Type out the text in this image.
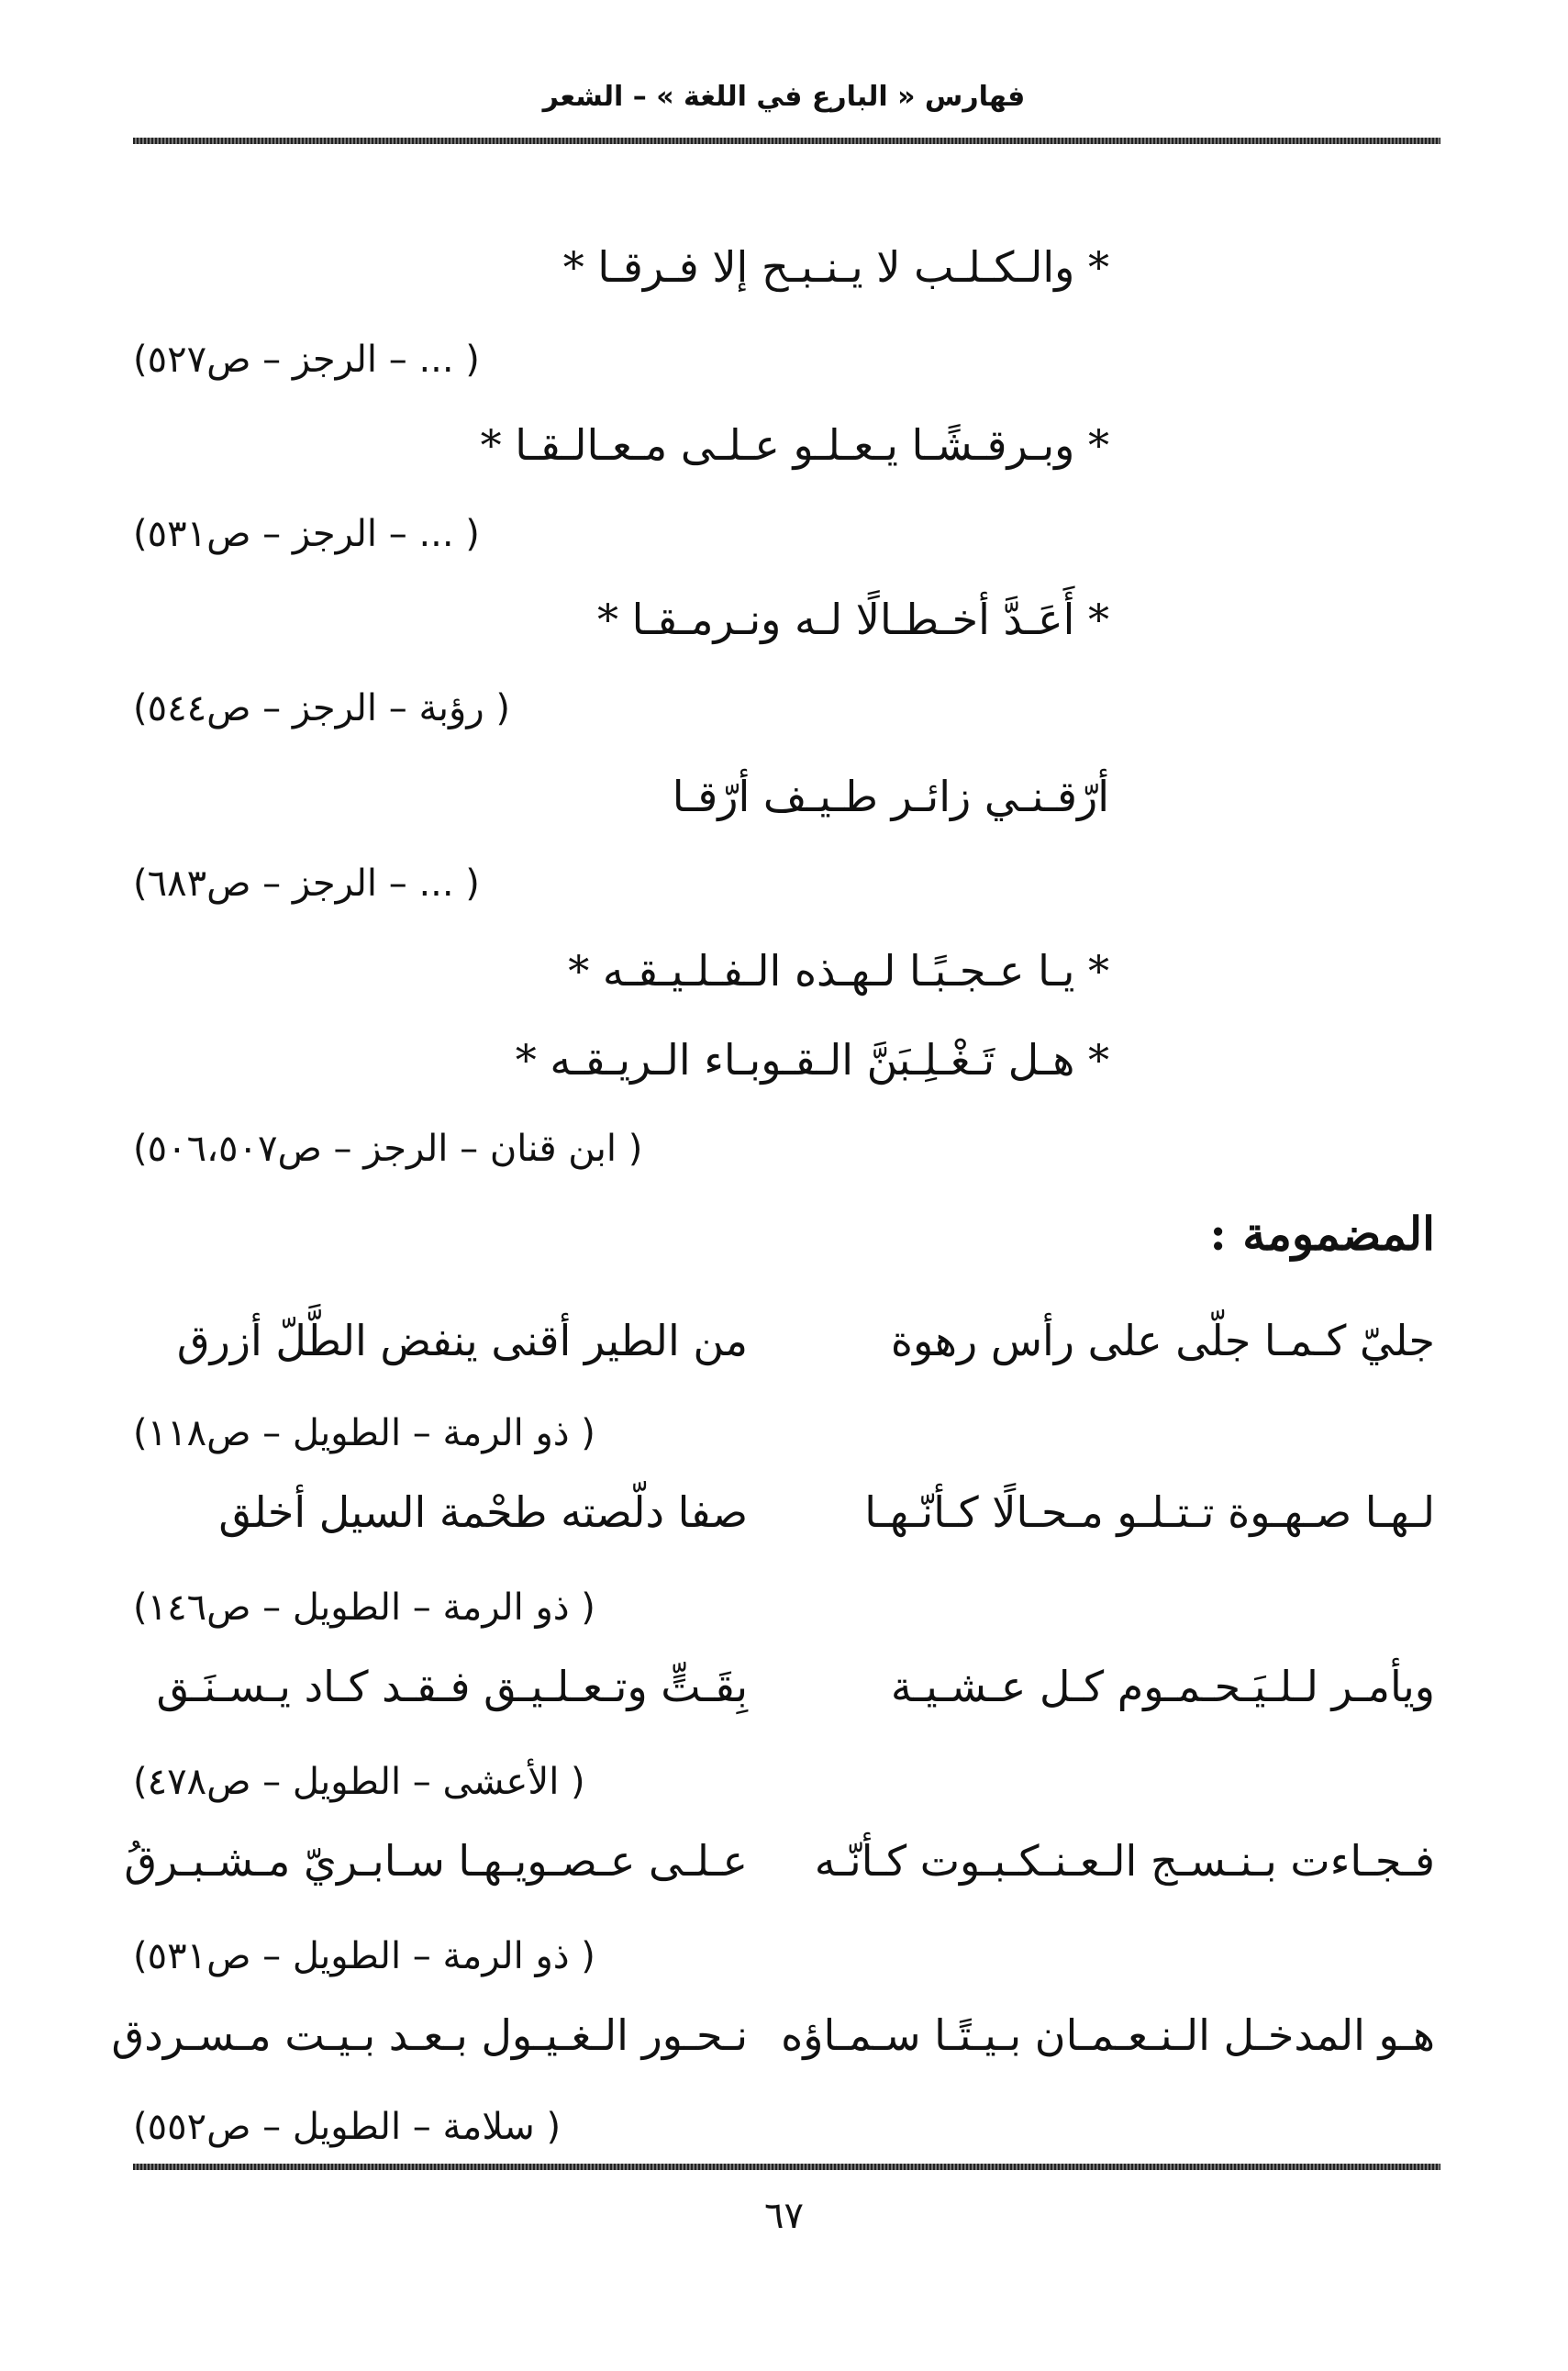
فهارس « البارع في اللغة » – الشعر
* والـكـلـب لا يـنـبـح إلا فـرقـا *
( ... – الرجز – ص٥٢٧)
* وبـرقـشًـا يـعـلـو عـلـى مـعـالـقـا *
( ... – الرجز – ص٥٣١)
* أَعَـدَّ أخـطـالًا لـه ونـرمـقـا *
( رؤبة – الرجز – ص٥٤٤)
أرّقـنـي زائـر طـيـف أرّقـا
( ... – الرجز – ص٦٨٣)
* يـا عـجـبًـا لـهـذه الـفـلـيـقـه *
* هـل تَـغْـلِـبَنَّ الـقـوبـاء الـريـقـه *
( ابن قنان – الرجز – ص٥٠٦،٥٠٧)
المضمومة :
جليّ كـمـا جلّى على رأس رهوة
من الطير أقنى ينفض الطَّلّ أزرق
( ذو الرمة – الطويل – ص١١٨)
لـهـا صـهـوة تـتـلـو مـحـالًا كـأنّـهـا
صفا دلّصته طحْمة السيل أخلق
( ذو الرمة – الطويل – ص١٤٦)
ويأمـر لـلـيَـحـمـوم كـل عـشـيـة
بِقَـتٍّ وتـعـلـيـق فـقـد كـاد يـسـنَـق
( الأعشى – الطويل – ص٤٧٨)
فـجـاءت بـنـسـج الـعـنـكـبـوت كـأنّـه
عـلـى عـصـويـهـا سـابـريّ مـشـبـرقُ
( ذو الرمة – الطويل – ص٥٣١)
هـو المدخـل الـنـعـمـان بـيـتًـا سـمـاؤه
نـحـور الـغـيـول بـعـد بـيـت مـسـردق
( سلامة – الطويل – ص٥٥٢)
٦٧
